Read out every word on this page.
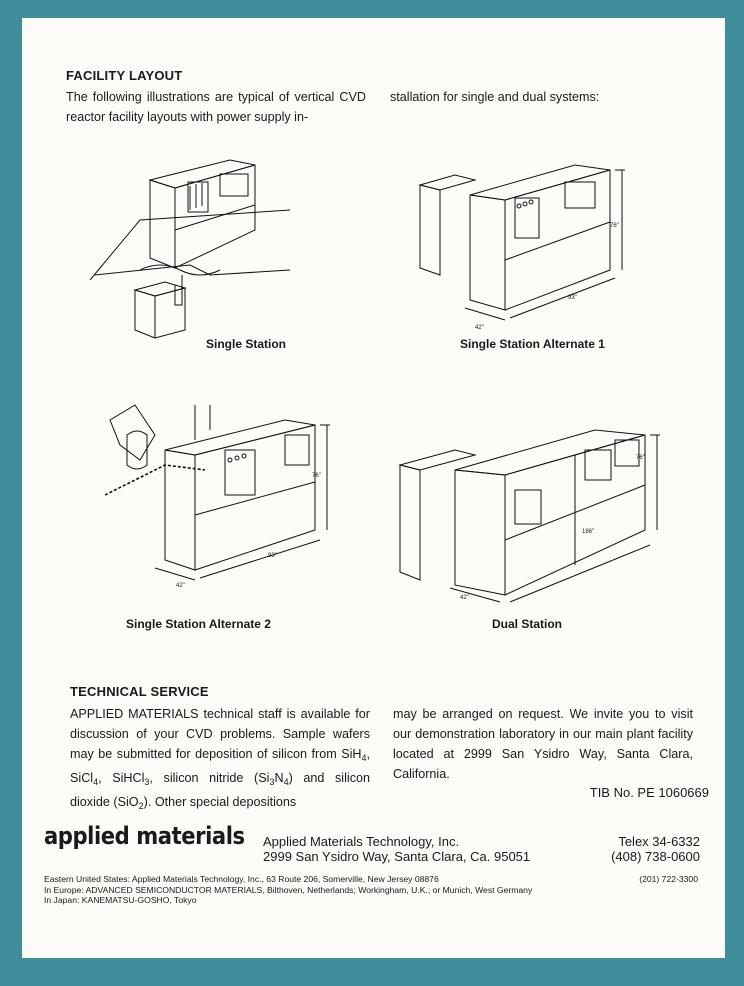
FACILITY LAYOUT
The following illustrations are typical of vertical CVD reactor facility layouts with power supply in-
stallation for single and dual systems:
Single Station
76"
93"
42"
Single Station Alternate 1
76"
93"
42"
Single Station Alternate 2
76"
186"
42"
Dual Station
TECHNICAL SERVICE
APPLIED MATERIALS technical staff is available for discussion of your CVD problems. Sample wafers may be submitted for deposition of silicon from SiH$_4$, SiCl$_4$, SiHCl$_3$, silicon nitride $(Si_3N_4)$ and silicon dioxide (SiO$_2$). Other special depositions
may be arranged on request. We invite you to visit our demonstration laboratory in our main plant facility located at 2999 San Ysidro Way, Santa Clara, California.
TIB No. PE 1060669
applied materials Applied Materials Technology, Inc.
2999 San Ysidro Way, Santa Clara, Ca. 95051
Telex 34-6332
(408) 738-0600
Eastern United States: Applied Materials Technology, Inc., 63 Route 206, Somerville, New Jersey 08876
In Europe: ADVANCED SEMICONDUCTOR MATERIALS, Bilthoven, Netherlands; Workingham, U.K.; or Munich, West Germany
In Japan: KANEMATSU-GOSHO, Tokyo
(201) 722-3300
